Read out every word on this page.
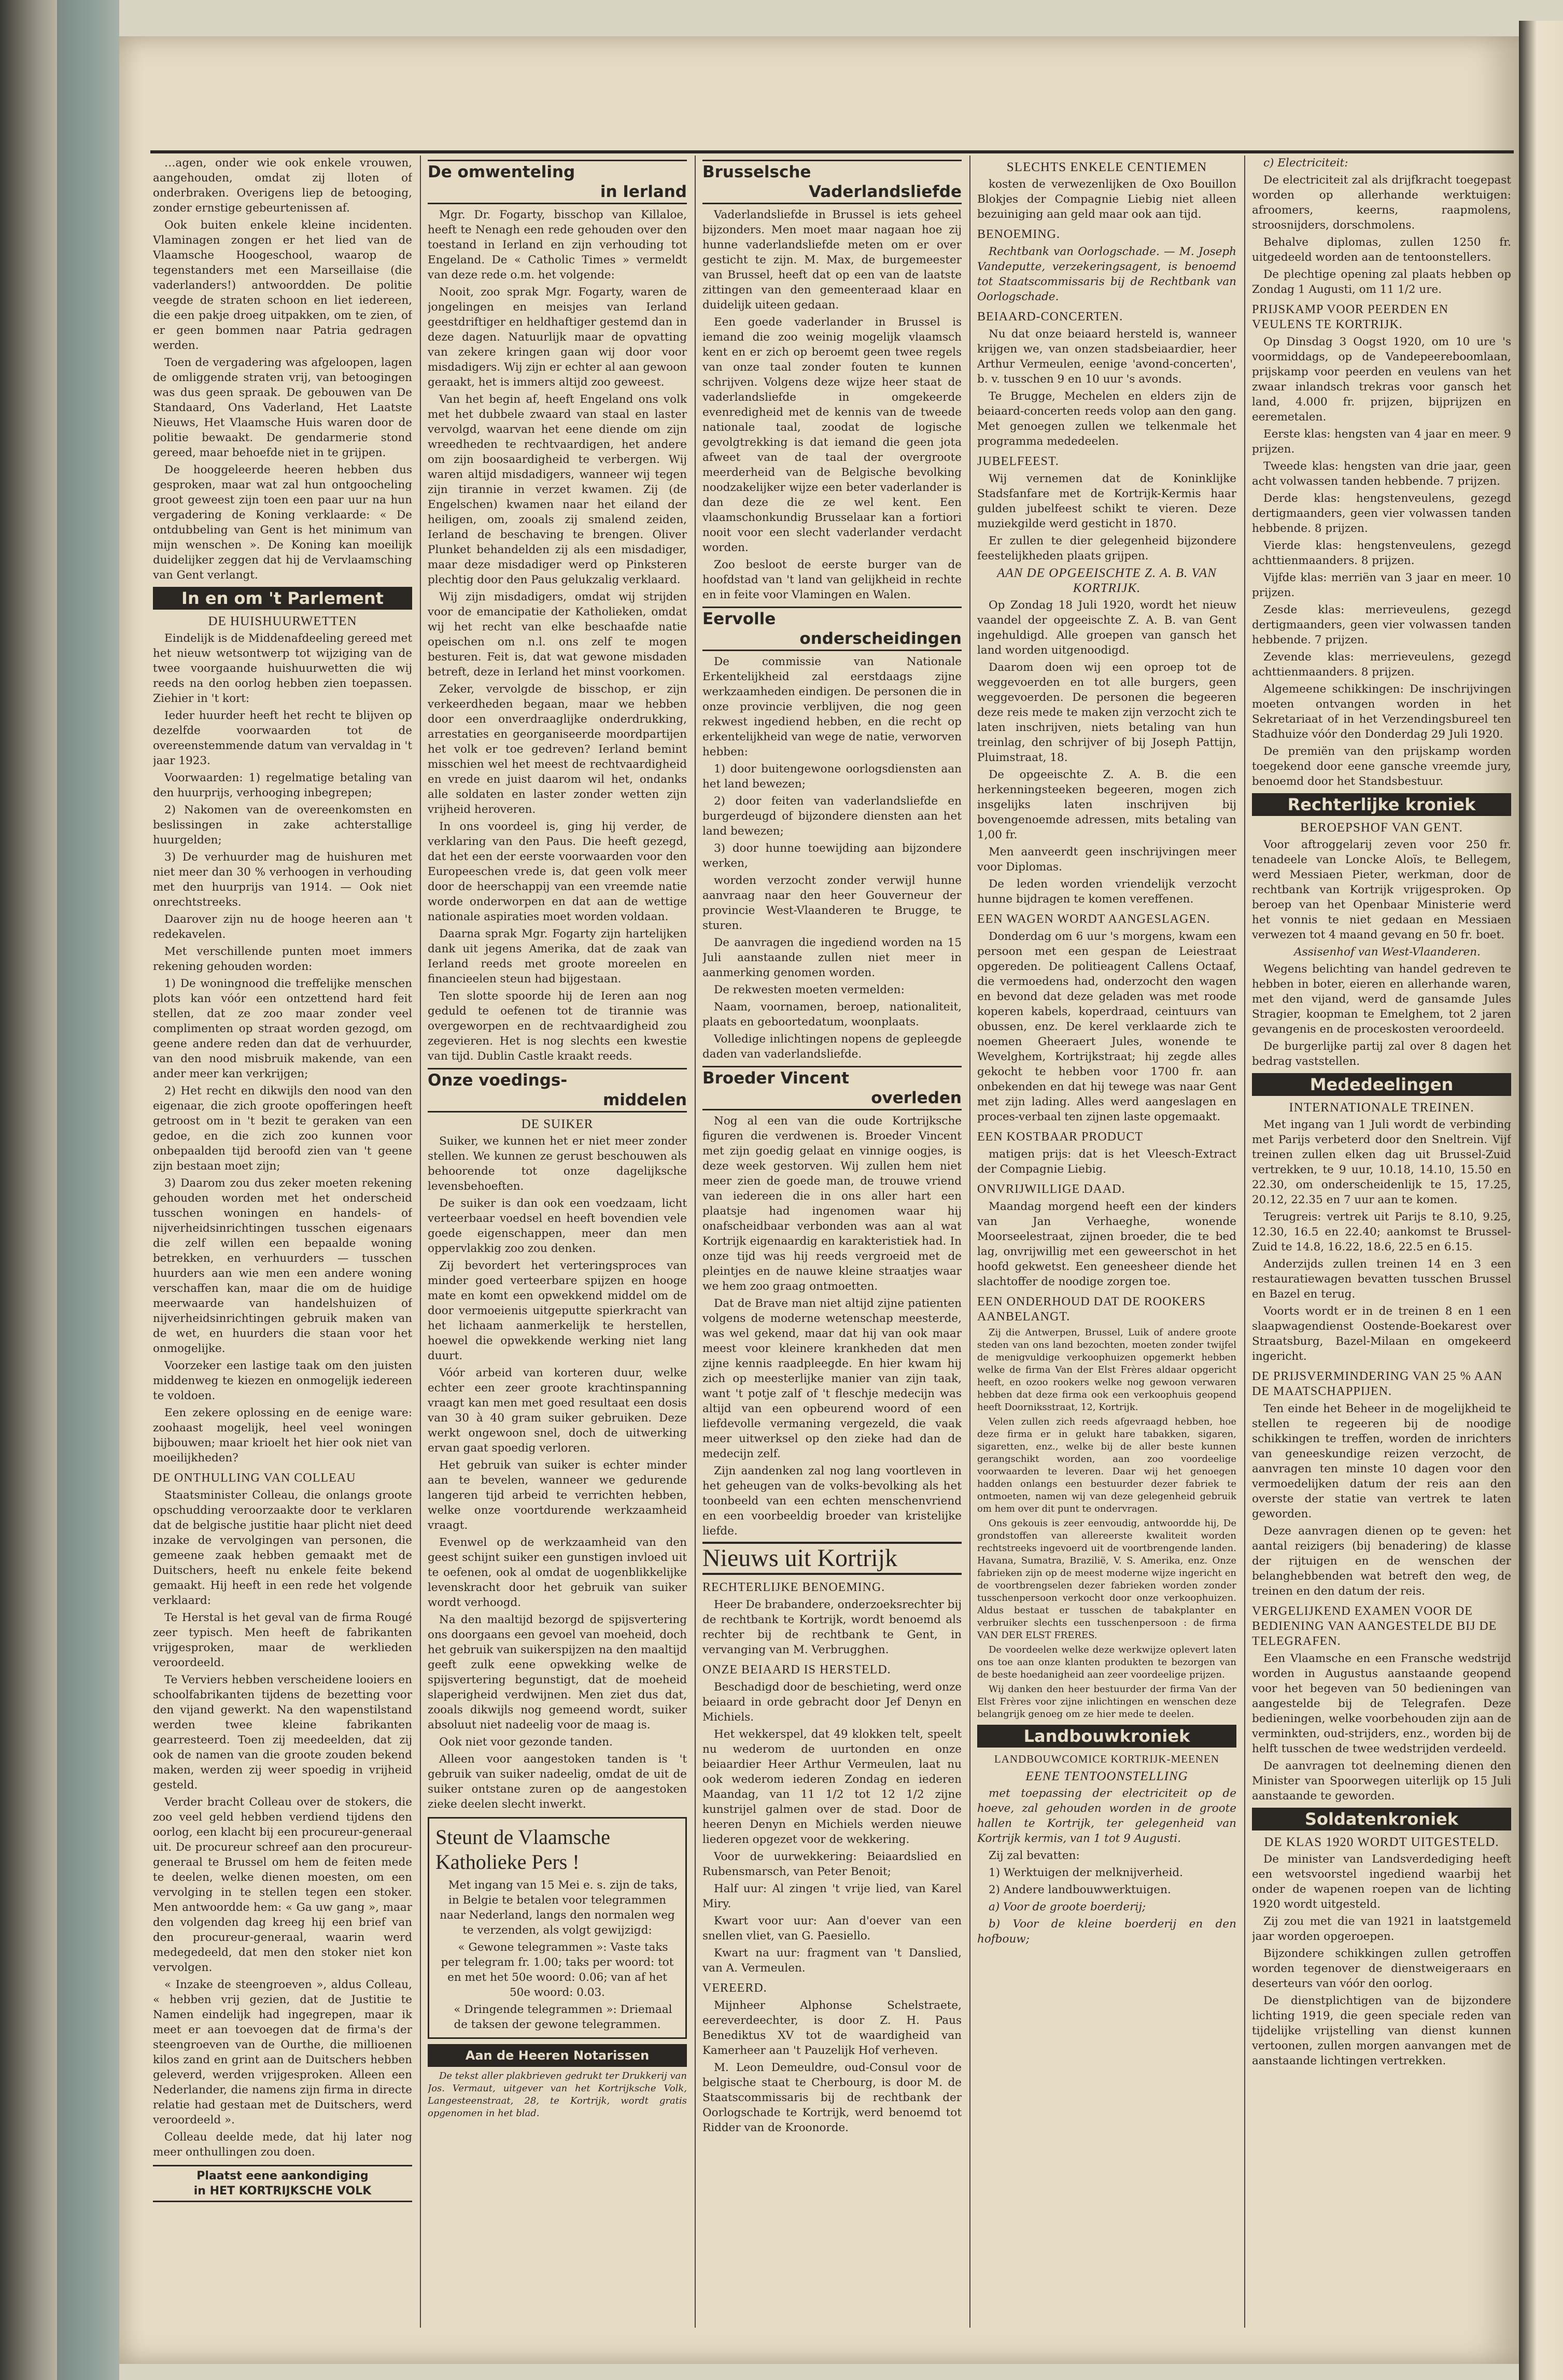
…agen, onder wie ook enkele vrouwen, aangehouden, omdat zij lloten of onderbraken. Overigens liep de betooging, zonder ernstige gebeurtenissen af.

Ook buiten enkele kleine incidenten. Vlaminagen zongen er het lied van de Vlaamsche Hoogeschool, waarop de tegenstanders met een Marseillaise (die vaderlanders!) antwoordden. De politie veegde de straten schoon en liet iedereen, die een pakje droeg uitpakken, om te zien, of er geen bommen naar Patria gedragen werden.

Toen de vergadering was afgeloopen, lagen de omliggende straten vrij, van betoogingen was dus geen spraak. De gebouwen van De Standaard, Ons Vaderland, Het Laatste Nieuws, Het Vlaamsche Huis waren door de politie bewaakt. De gendarmerie stond gereed, maar behoefde niet in te grijpen.

De hooggeleerde heeren hebben dus gesproken, maar wat zal hun ontgoocheling groot geweest zijn toen een paar uur na hun vergadering de Koning verklaarde: « De ontdubbeling van Gent is het minimum van mijn wenschen ». De Koning kan moeilijk duidelijker zeggen dat hij de Vervlaamsching van Gent verlangt.

In en om 't Parlement
DE HUISHUURWETTEN

Eindelijk is de Middenafdeeling gereed met het nieuw wetsontwerp tot wijziging van de twee voorgaande huishuurwetten die wij reeds na den oorlog hebben zien toepassen. Ziehier in 't kort:

Ieder huurder heeft het recht te blijven op dezelfde voorwaarden tot de overeenstemmende datum van vervaldag in 't jaar 1923.

Voorwaarden: 1) regelmatige betaling van den huurprijs, verhooging inbegrepen;

2) Nakomen van de overeenkomsten en beslissingen in zake achterstallige huurgelden;

3) De verhuurder mag de huishuren met niet meer dan 30 % verhoogen in verhouding met den huurprijs van 1914. — Ook niet onrechtstreeks.

Daarover zijn nu de hooge heeren aan 't redekavelen.

Met verschillende punten moet immers rekening gehouden worden:

1) De woningnood die treffelijke menschen plots kan vóór een ontzettend hard feit stellen, dat ze zoo maar zonder veel complimenten op straat worden gezogd, om geene andere reden dan dat de verhuurder, van den nood misbruik makende, van een ander meer kan verkrijgen;

2) Het recht en dikwijls den nood van den eigenaar, die zich groote opofferingen heeft getroost om in 't bezit te geraken van een gedoe, en die zich zoo kunnen voor onbepaalden tijd beroofd zien van 't geene zijn bestaan moet zijn;

3) Daarom zou dus zeker moeten rekening gehouden worden met het onderscheid tusschen woningen en handels- of nijverheidsinrichtingen tusschen eigenaars die zelf willen een bepaalde woning betrekken, en verhuurders — tusschen huurders aan wie men een andere woning verschaffen kan, maar die om de huidige meerwaarde van handelshuizen of nijverheidsinrichtingen gebruik maken van de wet, en huurders die staan voor het onmogelijke.

Voorzeker een lastige taak om den juisten middenweg te kiezen en onmogelijk iedereen te voldoen.

Een zekere oplossing en de eenige ware: zoohaast mogelijk, heel veel woningen bijbouwen; maar krioelt het hier ook niet van moeilijkheden?

DE ONTHULLING VAN COLLEAU

Staatsminister Colleau, die onlangs groote opschudding veroorzaakte door te verklaren dat de belgische justitie haar plicht niet deed inzake de vervolgingen van personen, die gemeene zaak hebben gemaakt met de Duitschers, heeft nu enkele feite bekend gemaakt. Hij heeft in een rede het volgende verklaard:

Te Herstal is het geval van de firma Rougé zeer typisch. Men heeft de fabrikanten vrijgesproken, maar de werklieden veroordeeld.

Te Verviers hebben verscheidene looiers en schoolfabrikanten tijdens de bezetting voor den vijand gewerkt. Na den wapenstilstand werden twee kleine fabrikanten gearresteerd. Toen zij meedeelden, dat zij ook de namen van die groote zouden bekend maken, werden zij weer spoedig in vrijheid gesteld.

Verder bracht Colleau over de stokers, die zoo veel geld hebben verdiend tijdens den oorlog, een klacht bij een procureur-generaal uit. De procureur schreef aan den procureur-generaal te Brussel om hem de feiten mede te deelen, welke dienen moesten, om een vervolging in te stellen tegen een stoker. Men antwoordde hem: « Ga uw gang », maar den volgenden dag kreeg hij een brief van den procureur-generaal, waarin werd medegedeeld, dat men den stoker niet kon vervolgen.

« Inzake de steengroeven », aldus Colleau, « hebben vrij gezien, dat de Justitie te Namen eindelijk had ingegrepen, maar ik meet er aan toevoegen dat de firma's der steengroeven van de Ourthe, die millioenen kilos zand en grint aan de Duitschers hebben geleverd, werden vrijgesproken. Alleen een Nederlander, die namens zijn firma in directe relatie had gestaan met de Duitschers, werd veroordeeld ».

Colleau deelde mede, dat hij later nog meer onthullingen zou doen.

Plaatst eene aankondiging
in HET KORTRIJKSCHE VOLK
De omwenteling
in Ierland

Mgr. Dr. Fogarty, bisschop van Killaloe, heeft te Nenagh een rede gehouden over den toestand in Ierland en zijn verhouding tot Engeland. De « Catholic Times » vermeldt van deze rede o.m. het volgende:

Nooit, zoo sprak Mgr. Fogarty, waren de jongelingen en meisjes van Ierland geestdriftiger en heldhaftiger gestemd dan in deze dagen. Natuurlijk maar de opvatting van zekere kringen gaan wij door voor misdadigers. Wij zijn er echter al aan gewoon geraakt, het is immers altijd zoo geweest.

Van het begin af, heeft Engeland ons volk met het dubbele zwaard van staal en laster vervolgd, waarvan het eene diende om zijn wreedheden te rechtvaardigen, het andere om zijn boosaardigheid te verbergen. Wij waren altijd misdadigers, wanneer wij tegen zijn tirannie in verzet kwamen. Zij (de Engelschen) kwamen naar het eiland der heiligen, om, zooals zij smalend zeiden, Ierland de beschaving te brengen. Oliver Plunket behandelden zij als een misdadiger, maar deze misdadiger werd op Pinksteren plechtig door den Paus gelukzalig verklaard.

Wij zijn misdadigers, omdat wij strijden voor de emancipatie der Katholieken, omdat wij het recht van elke beschaafde natie opeischen om n.l. ons zelf te mogen besturen. Feit is, dat wat gewone misdaden betreft, deze in Ierland het minst voorkomen.

Zeker, vervolgde de bisschop, er zijn verkeerdheden begaan, maar we hebben door een onverdraaglijke onderdrukking, arrestaties en georganiseerde moordpartijen het volk er toe gedreven? Ierland bemint misschien wel het meest de rechtvaardigheid en vrede en juist daarom wil het, ondanks alle soldaten en laster zonder wetten zijn vrijheid heroveren.

In ons voordeel is, ging hij verder, de verklaring van den Paus. Die heeft gezegd, dat het een der eerste voorwaarden voor den Europeeschen vrede is, dat geen volk meer door de heerschappij van een vreemde natie worde onderworpen en dat aan de wettige nationale aspiraties moet worden voldaan.

Daarna sprak Mgr. Fogarty zijn hartelijken dank uit jegens Amerika, dat de zaak van Ierland reeds met groote moreelen en financieelen steun had bijgestaan.

Ten slotte spoorde hij de Ieren aan nog geduld te oefenen tot de tirannie was overgeworpen en de rechtvaardigheid zou zegevieren. Het is nog slechts een kwestie van tijd. Dublin Castle kraakt reeds.

Onze voedings-
middelen
DE SUIKER

Suiker, we kunnen het er niet meer zonder stellen. We kunnen ze gerust beschouwen als behoorende tot onze dagelijksche levensbehoeften.

De suiker is dan ook een voedzaam, licht verteerbaar voedsel en heeft bovendien vele goede eigenschappen, meer dan men oppervlakkig zoo zou denken.

Zij bevordert het verteringsproces van minder goed verteerbare spijzen en hooge mate en komt een opwekkend middel om de door vermoeienis uitgeputte spierkracht van het lichaam aanmerkelijk te herstellen, hoewel die opwekkende werking niet lang duurt.

Vóór arbeid van korteren duur, welke echter een zeer groote krachtinspanning vraagt kan men met goed resultaat een dosis van 30 à 40 gram suiker gebruiken. Deze werkt ongewoon snel, doch de uitwerking ervan gaat spoedig verloren.

Het gebruik van suiker is echter minder aan te bevelen, wanneer we gedurende langeren tijd arbeid te verrichten hebben, welke onze voortdurende werkzaamheid vraagt.

Evenwel op de werkzaamheid van den geest schijnt suiker een gunstigen invloed uit te oefenen, ook al omdat de uogenblikkelijke levenskracht door het gebruik van suiker wordt verhoogd.

Na den maaltijd bezorgd de spijsvertering ons doorgaans een gevoel van moeheid, doch het gebruik van suikerspijzen na den maaltijd geeft zulk eene opwekking welke de spijsvertering begunstigt, dat de moeheid slaperigheid verdwijnen. Men ziet dus dat, zooals dikwijls nog gemeend wordt, suiker absoluut niet nadeelig voor de maag is.

Ook niet voor gezonde tanden.

Alleen voor aangestoken tanden is 't gebruik van suiker nadeelig, omdat de uit de suiker ontstane zuren op de aangestoken zieke deelen slecht inwerkt.

Steunt de Vlaamsche Katholieke Pers !

Met ingang van 15 Mei e. s. zijn de taks, in Belgie te betalen voor telegrammen naar Nederland, langs den normalen weg te verzenden, als volgt gewijzigd:

« Gewone telegrammen »: Vaste taks per telegram fr. 1.00; taks per woord: tot en met het 50e woord: 0.06; van af het 50e woord: 0.03.

« Dringende telegrammen »: Driemaal de taksen der gewone telegrammen.

Aan de Heeren Notarissen

De tekst aller plakbrieven gedrukt ter Drukkerij van Jos. Vermaut, uitgever van het Kortrijksche Volk, Langesteenstraat, 28, te Kortrijk, wordt gratis opgenomen in het blad.

Brusselsche
Vaderlandsliefde

Vaderlandsliefde in Brussel is iets geheel bijzonders. Men moet maar nagaan hoe zij hunne vaderlandsliefde meten om er over gesticht te zijn. M. Max, de burgemeester van Brussel, heeft dat op een van de laatste zittingen van den gemeenteraad klaar en duidelijk uiteen gedaan.

Een goede vaderlander in Brussel is iemand die zoo weinig mogelijk vlaamsch kent en er zich op beroemt geen twee regels van onze taal zonder fouten te kunnen schrijven. Volgens deze wijze heer staat de vaderlandsliefde in omgekeerde evenredigheid met de kennis van de tweede nationale taal, zoodat de logische gevolgtrekking is dat iemand die geen jota afweet van de taal der overgroote meerderheid van de Belgische bevolking noodzakelijker wijze een beter vaderlander is dan deze die ze wel kent. Een vlaamschonkundig Brusselaar kan a fortiori nooit voor een slecht vaderlander verdacht worden.

Zoo besloot de eerste burger van de hoofdstad van 't land van gelijkheid in rechte en in feite voor Vlamingen en Walen.

Eervolle
onderscheidingen

De commissie van Nationale Erkentelijkheid zal eerstdaags zijne werkzaamheden eindigen. De personen die in onze provincie verblijven, die nog geen rekwest ingediend hebben, en die recht op erkentelijkheid van wege de natie, verworven hebben:

1) door buitengewone oorlogsdiensten aan het land bewezen;

2) door feiten van vaderlandsliefde en burgerdeugd of bijzondere diensten aan het land bewezen;

3) door hunne toewijding aan bijzondere werken,

worden verzocht zonder verwijl hunne aanvraag naar den heer Gouverneur der provincie West-Vlaanderen te Brugge, te sturen.

De aanvragen die ingediend worden na 15 Juli aanstaande zullen niet meer in aanmerking genomen worden.

De rekwesten moeten vermelden:

Naam, voornamen, beroep, nationaliteit, plaats en geboortedatum, woonplaats.

Volledige inlichtingen nopens de gepleegde daden van vaderlandsliefde.

Broeder Vincent
overleden

Nog al een van die oude Kortrijksche figuren die verdwenen is. Broeder Vincent met zijn goedig gelaat en vinnige oogjes, is deze week gestorven. Wij zullen hem niet meer zien de goede man, de trouwe vriend van iedereen die in ons aller hart een plaatsje had ingenomen waar hij onafscheidbaar verbonden was aan al wat Kortrijk eigenaardig en karakteristiek had. In onze tijd was hij reeds vergroeid met de pleintjes en de nauwe kleine straatjes waar we hem zoo graag ontmoetten.

Dat de Brave man niet altijd zijne patienten volgens de moderne wetenschap meesterde, was wel gekend, maar dat hij van ook maar meest voor kleinere krankheden dat men zijne kennis raadpleegde. En hier kwam hij zich op meesterlijke manier van zijn taak, want 't potje zalf of 't fleschje medecijn was altijd van een opbeurend woord of een liefdevolle vermaning vergezeld, die vaak meer uitwerksel op den zieke had dan de medecijn zelf.

Zijn aandenken zal nog lang voortleven in het geheugen van de volks-bevolking als het toonbeeld van een echten menschenvriend en een voorbeeldig broeder van kristelijke liefde.

Nieuws uit Kortrijk
RECHTERLIJKE BENOEMING.

Heer De brabandere, onderzoeksrechter bij de rechtbank te Kortrijk, wordt benoemd als rechter bij de rechtbank te Gent, in vervanging van M. Verbrugghen.

ONZE BEIAARD IS HERSTELD.

Beschadigd door de beschieting, werd onze beiaard in orde gebracht door Jef Denyn en Michiels.

Het wekkerspel, dat 49 klokken telt, speelt nu wederom de uurtonden en onze beiaardier Heer Arthur Vermeulen, laat nu ook wederom iederen Zondag en iederen Maandag, van 11 1/2 tot 12 1/2 zijne kunstrijel galmen over de stad. Door de heeren Denyn en Michiels werden nieuwe liederen opgezet voor de wekkering.

Voor de uurwekkering: Beiaardslied en Rubensmarsch, van Peter Benoit;

Half uur: Al zingen 't vrije lied, van Karel Miry.

Kwart voor uur: Aan d'oever van een snellen vliet, van G. Paesiello.

Kwart na uur: fragment van 't Danslied, van A. Vermeulen.

VEREERD.

Mijnheer Alphonse Schelstraete, eereverdeechter, is door Z. H. Paus Benediktus XV tot de waardigheid van Kamerheer aan 't Pauzelijk Hof verheven.

M. Leon Demeuldre, oud-Consul voor de belgische staat te Cherbourg, is door M. de Staatscommissaris bij de rechtbank der Oorlogschade te Kortrijk, werd benoemd tot Ridder van de Kroonorde.

SLECHTS ENKELE CENTIEMEN

kosten de verwezenlijken de Oxo Bouillon Blokjes der Compagnie Liebig niet alleen bezuiniging aan geld maar ook aan tijd.

BENOEMING.

Rechtbank van Oorlogschade. — M. Joseph Vandeputte, verzekeringsagent, is benoemd tot Staatscommissaris bij de Rechtbank van Oorlogschade.

BEIAARD-CONCERTEN.

Nu dat onze beiaard hersteld is, wanneer krijgen we, van onzen stadsbeiaardier, heer Arthur Vermeulen, eenige 'avond-concerten', b. v. tusschen 9 en 10 uur 's avonds.

Te Brugge, Mechelen en elders zijn de beiaard-concerten reeds volop aan den gang. Met genoegen zullen we telkenmale het programma mededeelen.

JUBELFEEST.

Wij vernemen dat de Koninklijke Stadsfanfare met de Kortrijk-Kermis haar gulden jubelfeest schikt te vieren. Deze muziekgilde werd gesticht in 1870.

Er zullen te dier gelegenheid bijzondere feestelijkheden plaats grijpen.

AAN DE OPGEEISCHTE Z. A. B. VAN KORTRIJK.

Op Zondag 18 Juli 1920, wordt het nieuw vaandel der opgeeischte Z. A. B. van Gent ingehuldigd. Alle groepen van gansch het land worden uitgenoodigd.

Daarom doen wij een oproep tot de weggevoerden en tot alle burgers, geen weggevoerden. De personen die begeeren deze reis mede te maken zijn verzocht zich te laten inschrijven, niets betaling van hun treinlag, den schrijver of bij Joseph Pattijn, Pluimstraat, 18.

De opgeeischte Z. A. B. die een herkenningsteeken begeeren, mogen zich insgelijks laten inschrijven bij bovengenoemde adressen, mits betaling van 1,00 fr.

Men aanveerdt geen inschrijvingen meer voor Diplomas.

De leden worden vriendelijk verzocht hunne bijdragen te komen vereffenen.

EEN WAGEN WORDT AANGESLAGEN.

Donderdag om 6 uur 's morgens, kwam een persoon met een gespan de Leiestraat opgereden. De politieagent Callens Octaaf, die vermoedens had, onderzocht den wagen en bevond dat deze geladen was met roode koperen kabels, koperdraad, ceintuurs van obussen, enz. De kerel verklaarde zich te noemen Gheeraert Jules, wonende te Wevelghem, Kortrijkstraat; hij zegde alles gekocht te hebben voor 1700 fr. aan onbekenden en dat hij tewege was naar Gent met zijn lading. Alles werd aangeslagen en proces-verbaal ten zijnen laste opgemaakt.

EEN KOSTBAAR PRODUCT

matigen prijs: dat is het Vleesch-Extract der Compagnie Liebig.

ONVRIJWILLIGE DAAD.

Maandag morgend heeft een der kinders van Jan Verhaeghe, wonende Moorseelestraat, zijnen broeder, die te bed lag, onvrijwillig met een geweerschot in het hoofd gekwetst. Een geneesheer diende het slachtoffer de noodige zorgen toe.

EEN ONDERHOUD DAT DE ROOKERS AANBELANGT.

Zij die Antwerpen, Brussel, Luik of andere groote steden van ons land bezochten, moeten zonder twijfel de menigvuldige verkoophuizen opgemerkt hebben welke de firma Van der Elst Frères aldaar opgericht heeft, en ozoo rookers welke nog gewoon verwaren hebben dat deze firma ook een verkoophuis geopend heeft Doorniksstraat, 12, Kortrijk.

Velen zullen zich reeds afgevraagd hebben, hoe deze firma er in gelukt hare tabakken, sigaren, sigaretten, enz., welke bij de aller beste kunnen gerangschikt worden, aan zoo voordeelige voorwaarden te leveren. Daar wij het genoegen hadden onlangs een bestuurder dezer fabriek te ontmoeten, namen wij van deze gelegenheid gebruik om hem over dit punt te ondervragen.

Ons gekouis is zeer eenvoudig, antwoordde hij, De grondstoffen van allereerste kwaliteit worden rechtstreeks ingevoerd uit de voortbrengende landen. Havana, Sumatra, Brazilië, V. S. Amerika, enz. Onze fabrieken zijn op de meest moderne wijze ingericht en de voortbrengselen dezer fabrieken worden zonder tusschenpersoon verkocht door onze verkoophuizen. Aldus bestaat er tusschen de tabakplanter en verbruiker slechts een tusschenpersoon : de firma VAN DER ELST FRERES.

De voordeelen welke deze werkwijze oplevert laten ons toe aan onze klanten produkten te bezorgen van de beste hoedanigheid aan zeer voordeelige prijzen.

Wij danken den heer bestuurder der firma Van der Elst Frères voor zijne inlichtingen en wenschen deze belangrijk genoeg om ze hier mede te deelen.

Landbouwkroniek
LANDBOUWCOMICE KORTRIJK-MEENEN
EENE TENTOONSTELLING

met toepassing der electriciteit op de hoeve, zal gehouden worden in de groote hallen te Kortrijk, ter gelegenheid van Kortrijk kermis, van 1 tot 9 Augusti.

Zij zal bevatten:

1) Werktuigen der melknijverheid.

2) Andere landbouwwerktuigen.

a) Voor de groote boerderij;

b) Voor de kleine boerderij en den hofbouw;

c) Electriciteit:

De electriciteit zal als drijfkracht toegepast worden op allerhande werktuigen: afroomers, keerns, raapmolens, stroosnijders, dorschmolens.

Behalve diplomas, zullen 1250 fr. uitgedeeld worden aan de tentoonstellers.

De plechtige opening zal plaats hebben op Zondag 1 Augusti, om 11 1/2 ure.

PRIJSKAMP VOOR PEERDEN EN VEULENS TE KORTRIJK.

Op Dinsdag 3 Oogst 1920, om 10 ure 's voormiddags, op de Vandepeereboomlaan, prijskamp voor peerden en veulens van het zwaar inlandsch trekras voor gansch het land, 4.000 fr. prijzen, bijprijzen en eeremetalen.

Eerste klas: hengsten van 4 jaar en meer. 9 prijzen.

Tweede klas: hengsten van drie jaar, geen acht volwassen tanden hebbende. 7 prijzen.

Derde klas: hengstenveulens, gezegd dertigmaanders, geen vier volwassen tanden hebbende. 8 prijzen.

Vierde klas: hengstenveulens, gezegd achttienmaanders. 8 prijzen.

Vijfde klas: merriën van 3 jaar en meer. 10 prijzen.

Zesde klas: merrieveulens, gezegd dertigmaanders, geen vier volwassen tanden hebbende. 7 prijzen.

Zevende klas: merrieveulens, gezegd achttienmaanders. 8 prijzen.

Algemeene schikkingen: De inschrijvingen moeten ontvangen worden in het Sekretariaat of in het Verzendingsbureel ten Stadhuize vóór den Donderdag 29 Juli 1920.

De premiën van den prijskamp worden toegekend door eene gansche vreemde jury, benoemd door het Standsbestuur.

Rechterlijke kroniek
BEROEPSHOF VAN GENT.

Voor aftroggelarij zeven voor 250 fr. tenadeele van Loncke Aloïs, te Bellegem, werd Messiaen Pieter, werkman, door de rechtbank van Kortrijk vrijgesproken. Op beroep van het Openbaar Ministerie werd het vonnis te niet gedaan en Messiaen verwezen tot 4 maand gevang en 50 fr. boet.

Assisenhof van West-Vlaanderen.

Wegens belichting van handel gedreven te hebben in boter, eieren en allerhande waren, met den vijand, werd de gansamde Jules Stragier, koopman te Emelghem, tot 2 jaren gevangenis en de proceskosten veroordeeld.

De burgerlijke partij zal over 8 dagen het bedrag vaststellen.

Mededeelingen
INTERNATIONALE TREINEN.

Met ingang van 1 Juli wordt de verbinding met Parijs verbeterd door den Sneltrein. Vijf treinen zullen elken dag uit Brussel-Zuid vertrekken, te 9 uur, 10.18, 14.10, 15.50 en 22.30, om onderscheidenlijk te 15, 17.25, 20.12, 22.35 en 7 uur aan te komen.

Terugreis: vertrek uit Parijs te 8.10, 9.25, 12.30, 16.5 en 22.40; aankomst te Brussel-Zuid te 14.8, 16.22, 18.6, 22.5 en 6.15.

Anderzijds zullen treinen 14 en 3 een restauratiewagen bevatten tusschen Brussel en Bazel en terug.

Voorts wordt er in de treinen 8 en 1 een slaapwagendienst Oostende-Boekarest over Straatsburg, Bazel-Milaan en omgekeerd ingericht.

DE PRIJSVERMINDERING VAN 25 % AAN DE MAATSCHAPPIJEN.

Ten einde het Beheer in de mogelijkheid te stellen te regeeren bij de noodige schikkingen te treffen, worden de inrichters van geneeskundige reizen verzocht, de aanvragen ten minste 10 dagen voor den vermoedelijken datum der reis aan den overste der statie van vertrek te laten geworden.

Deze aanvragen dienen op te geven: het aantal reizigers (bij benadering) de klasse der rijtuigen en de wenschen der belanghebbenden wat betreft den weg, de treinen en den datum der reis.

VERGELIJKEND EXAMEN VOOR DE BEDIENING VAN AANGESTELDE BIJ DE TELEGRAFEN.

Een Vlaamsche en een Fransche wedstrijd worden in Augustus aanstaande geopend voor het begeven van 50 bedieningen van aangestelde bij de Telegrafen. Deze bedieningen, welke voorbehouden zijn aan de verminkten, oud-strijders, enz., worden bij de helft tusschen de twee wedstrijden verdeeld.

De aanvragen tot deelneming dienen den Minister van Spoorwegen uiterlijk op 15 Juli aanstaande te geworden.

Soldatenkroniek
DE KLAS 1920 WORDT UITGESTELD.

De minister van Landsverdediging heeft een wetsvoorstel ingediend waarbij het onder de wapenen roepen van de lichting 1920 wordt uitgesteld.

Zij zou met die van 1921 in laatstgemeld jaar worden opgeroepen.

Bijzondere schikkingen zullen getroffen worden tegenover de dienstweigeraars en deserteurs van vóór den oorlog.

De dienstplichtigen van de bijzondere lichting 1919, die geen speciale reden van tijdelijke vrijstelling van dienst kunnen vertoonen, zullen morgen aanvangen met de aanstaande lichtingen vertrekken.
